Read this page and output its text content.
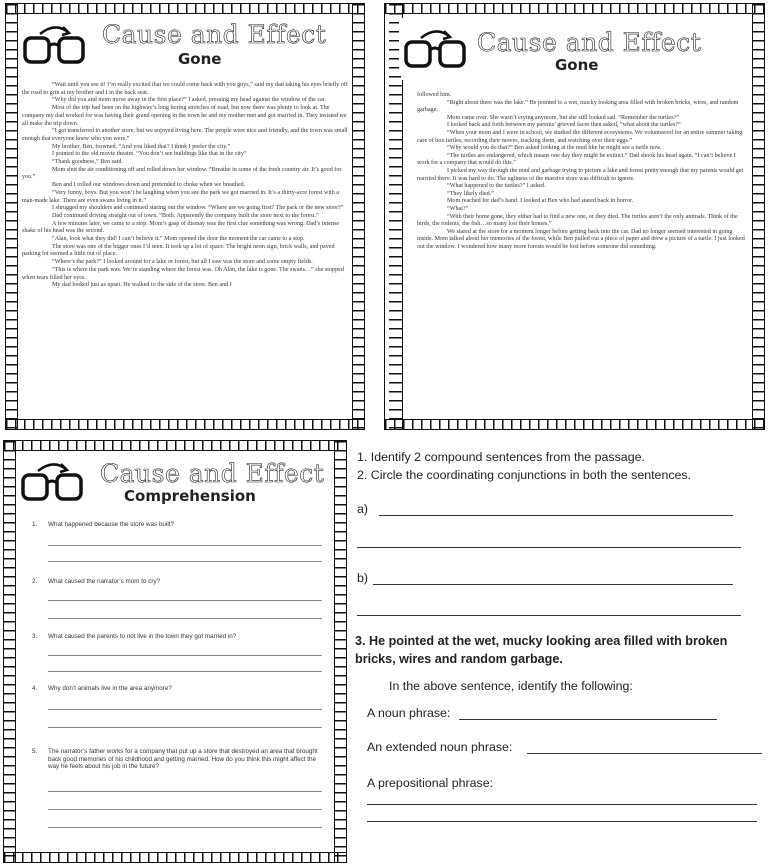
Cause and Effect
Gone

“Wait until you see it! I’m really excited that we could come back with you guys,” said my dad taking his eyes briefly off the road to grin at my brother and I in the back seat.

“Why did you and mom move away in the first place?” I asked, pressing my head against the window of the car.

Most of the trip had been on the highway’s long boring stretches of road, but now there was plenty to look at. The company my dad worked for was having their grand opening in the town he and my mother met and got married in. They insisted we all make the trip down.

“I got transferred to another store, but we enjoyed living here. The people were nice and friendly, and the town was small enough that everyone knew who you were.”

My brother, Ben, frowned. “And you liked that? I think I prefer the city.”

I pointed to the old movie theatre. “You don’t see buildings like that in the city”

“Thank goodness,” Ben said.

Mom shut the air conditioning off and rolled down her window. “Breathe in some of the fresh country air. It’s good for you.”

Ben and I rolled our windows down and pretended to choke when we breathed.

“Very funny, boys. But you won’t be laughing when you see the park we got married in. It’s a thirty-acre forest with a man-made lake. There are even swans living in it.”

I shrugged my shoulders and continued staring out the window. “Where are we going first? The park or the new store?”

Dad continued driving straight out of town. “Both. Apparently the company built the store next to the forest.”

A few minutes later, we came to a stop. Mom’s gasp of dismay was the first clue something was wrong. Dad’s intense shake of his head was the second.

“Alan, look what they did! I can’t believe it.” Mom opened the door the moment the car came to a stop.

The store was one of the bigger ones I’d seen. It took up a lot of space. The bright neon sign, brick walls, and paved parking lot seemed a little out of place.

“Where’s the park?” I looked around for a lake or forest, but all I saw was the store and some empty fields.

“This is where the park was. We’re standing where the forest was. Oh Alan, the lake is gone. The swans…” she stopped when tears filled her eyes.

My dad looked just as upset. He walked to the side of the store. Ben and I

Cause and Effect
Gone

followed him.

“Right about there was the lake.” He pointed to a wet, mucky looking area filled with broken bricks, wires, and random garbage.

Mom came over. She wasn’t crying anymore, but she still looked sad. “Remember the turtles?”

I looked back and forth between my parents’ grieved faces then asked, “what about the turtles?”

“When your mom and I were in school, we studied the different ecosystems. We volunteered for an entire summer taking care of box turtles, recording their moves, tracking them, and watching over their eggs.”

“Why would you do that?” Ben asked looking at the mud like he might see a turtle now.

“The turtles are endangered, which means one day they might be extinct.” Dad shook his head again. “I can’t believe I work for a company that would do this.”

I picked my way through the mud and garbage trying to picture a lake and forest pretty enough that my parents would get married there. It was hard to do. The ugliness of the massive store was difficult to ignore.

“What happened to the turtles?” I asked.

“They likely died.”

Mom reached for dad’s hand. I looked at Ben who had stared back in horror.

“What?”

“With their home gone, they either had to find a new one, or they died. The turtles aren’t the only animals. Think of the birds, the rodents, the fish…so many lost their homes.”

We stared at the store for a moment longer before getting back into the car. Dad no longer seemed interested in going inside. Mom talked about her memories of the forest, while Ben pulled out a piece of paper and drew a picture of a turtle. I just looked out the window. I wondered how many more forests would be lost before someone did something.

Cause and Effect
Comprehension
1.	What happened because the store was built?
2.	What caused the narrator’s mom to cry?
3.	What caused the parents to not live in the town they got married in?
4.	Why don’t animals live in the area anymore?
5.	The narrator’s father works for a company that put up a store that destroyed an area that brought back good memories of his childhood and getting married. How do you think this might affect the way he feels about his job in the future?
1. Identify 2 compound sentences from the passage.
2. Circle the coordinating conjunctions in both the sentences.
a)
b)
3. He pointed at the wet, mucky looking area filled with broken bricks, wires and random garbage.
In the above sentence, identify the following:
A noun phrase:
An extended noun phrase:
A prepositional phrase:
